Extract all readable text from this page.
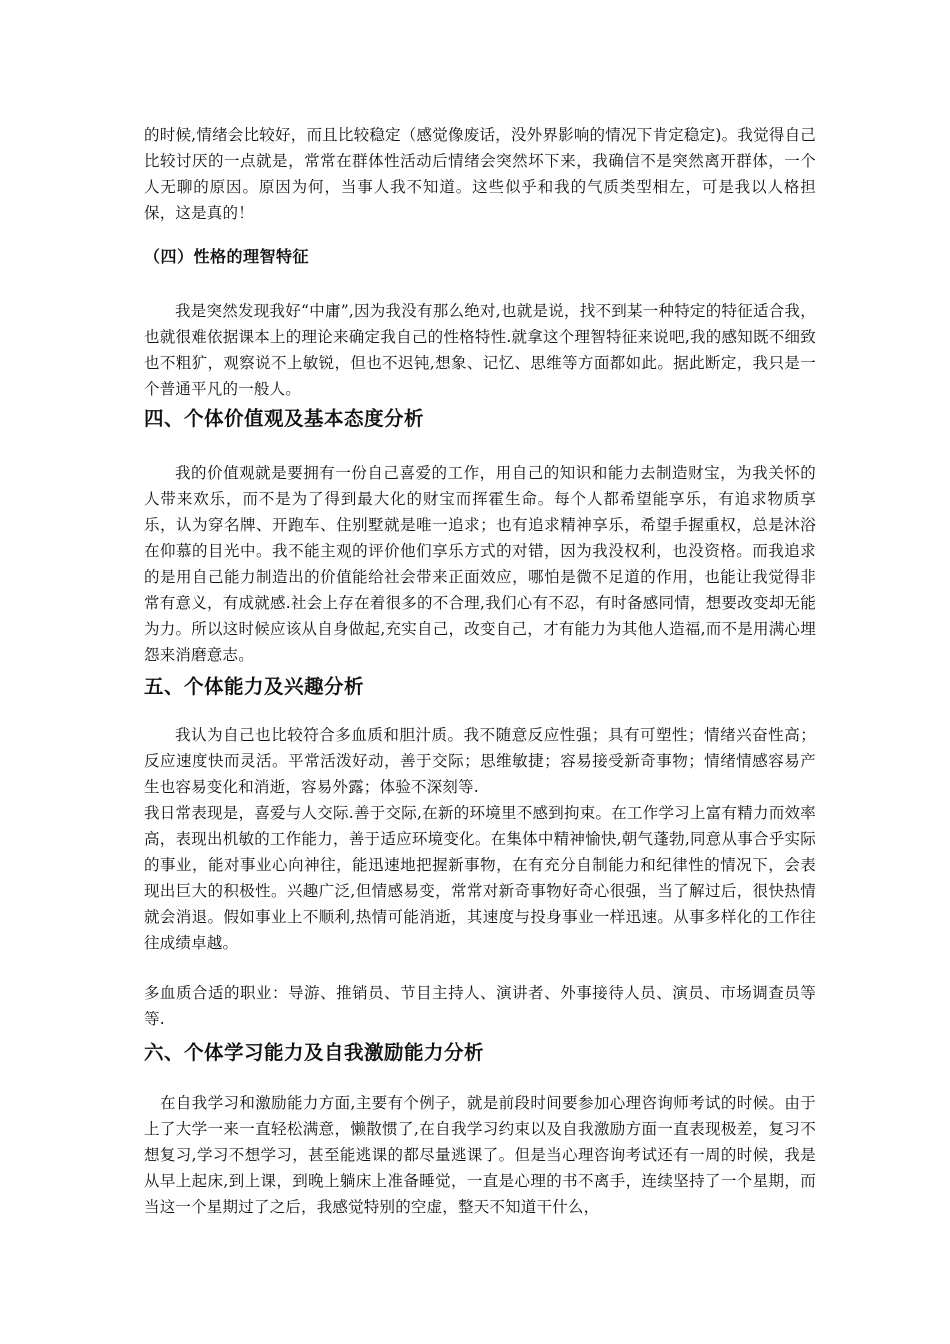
的时候,情绪会比较好，而且比较稳定（感觉像废话，没外界影响的情况下肯定稳定)。我觉得自己比较讨厌的一点就是，常常在群体性活动后情绪会突然坏下来，我确信不是突然离开群体，一个人无聊的原因。原因为何，当事人我不知道。这些似乎和我的气质类型相左，可是我以人格担保，这是真的！

（四）性格的理智特征

我是突然发现我好“中庸”,因为我没有那么绝对,也就是说，找不到某一种特定的特征适合我，也就很难依据课本上的理论来确定我自己的性格特性.就拿这个理智特征来说吧,我的感知既不细致也不粗犷，观察说不上敏锐，但也不迟钝,想象、记忆、思维等方面都如此。据此断定，我只是一个普通平凡的一般人。

四、个体价值观及基本态度分析

我的价值观就是要拥有一份自己喜爱的工作，用自己的知识和能力去制造财宝，为我关怀的人带来欢乐，而不是为了得到最大化的财宝而挥霍生命。每个人都希望能享乐，有追求物质享乐，认为穿名牌、开跑车、住别墅就是唯一追求；也有追求精神享乐，希望手握重权，总是沐浴在仰慕的目光中。我不能主观的评价他们享乐方式的对错，因为我没权利，也没资格。而我追求的是用自己能力制造出的价值能给社会带来正面效应，哪怕是微不足道的作用，也能让我觉得非常有意义，有成就感.社会上存在着很多的不合理,我们心有不忍，有时备感同情，想要改变却无能为力。所以这时候应该从自身做起,充实自己，改变自己，才有能力为其他人造福,而不是用满心埋怨来消磨意志。

五、个体能力及兴趣分析

我认为自己也比较符合多血质和胆汁质。我不随意反应性强；具有可塑性；情绪兴奋性高；反应速度快而灵活。平常活泼好动，善于交际；思维敏捷；容易接受新奇事物；情绪情感容易产生也容易变化和消逝，容易外露；体验不深刻等.

我日常表现是，喜爱与人交际.善于交际,在新的环境里不感到拘束。在工作学习上富有精力而效率高，表现出机敏的工作能力，善于适应环境变化。在集体中精神愉快,朝气蓬勃,同意从事合乎实际的事业，能对事业心向神往，能迅速地把握新事物，在有充分自制能力和纪律性的情况下，会表现出巨大的积极性。兴趣广泛,但情感易变，常常对新奇事物好奇心很强，当了解过后，很快热情就会消退。假如事业上不顺利,热情可能消逝，其速度与投身事业一样迅速。从事多样化的工作往往成绩卓越。

多血质合适的职业：导游、推销员、节目主持人、演讲者、外事接待人员、演员、市场调查员等等.

六、个体学习能力及自我激励能力分析

在自我学习和激励能力方面,主要有个例子，就是前段时间要参加心理咨询师考试的时候。由于上了大学一来一直轻松满意，懒散惯了,在自我学习约束以及自我激励方面一直表现极差，复习不想复习,学习不想学习，甚至能逃课的都尽量逃课了。但是当心理咨询考试还有一周的时候，我是从早上起床,到上课，到晚上躺床上准备睡觉，一直是心理的书不离手，连续坚持了一个星期，而当这一个星期过了之后，我感觉特别的空虚，整天不知道干什么，
